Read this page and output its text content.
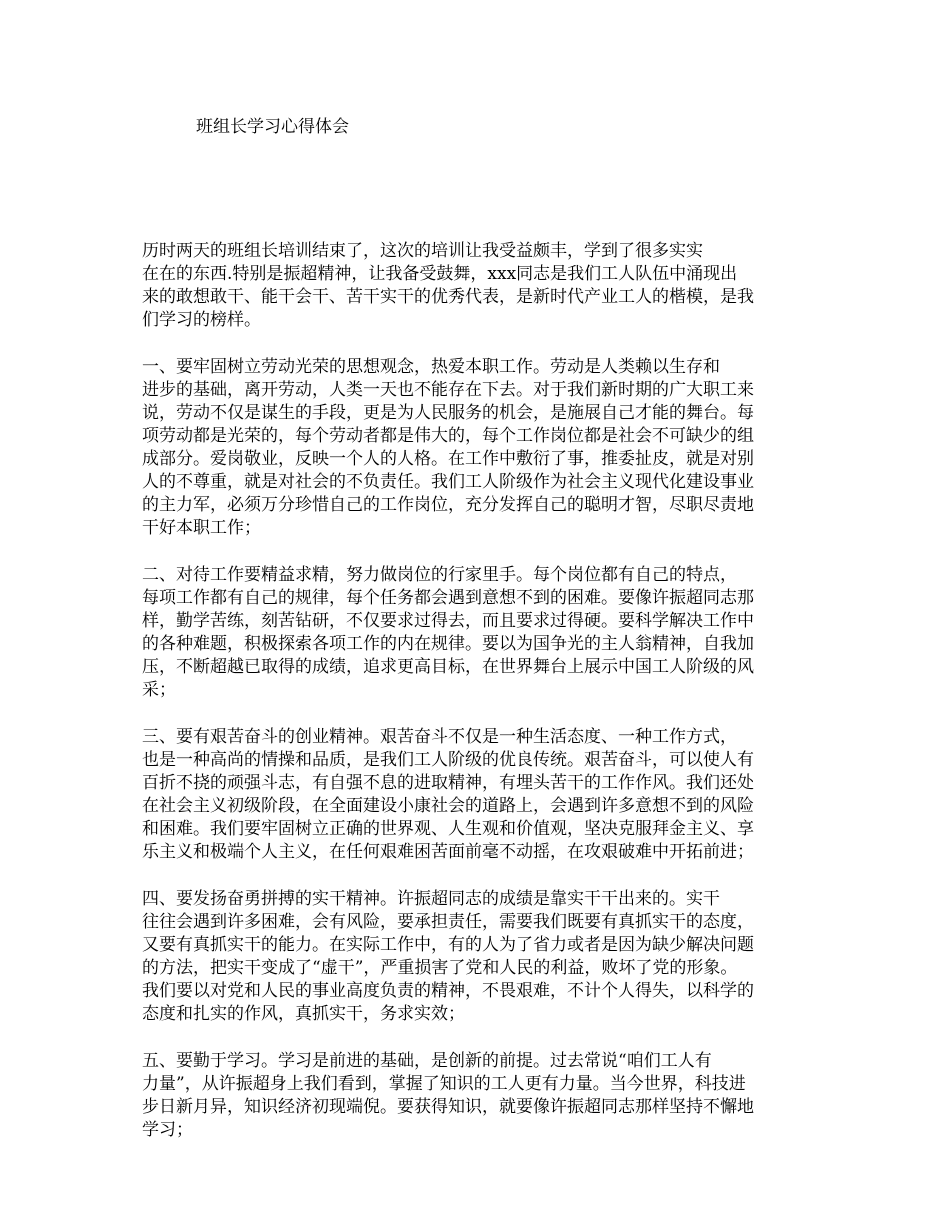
班组长学习心得体会
历时两天的班组长培训结束了，这次的培训让我受益颇丰，学到了很多实实
在在的东西.特别是振超精神，让我备受鼓舞，xxx同志是我们工人队伍中涌现出
来的敢想敢干、能干会干、苦干实干的优秀代表，是新时代产业工人的楷模，是我
们学习的榜样。
一、要牢固树立劳动光荣的思想观念，热爱本职工作。劳动是人类赖以生存和
进步的基础，离开劳动，人类一天也不能存在下去。对于我们新时期的广大职工来
说，劳动不仅是谋生的手段，更是为人民服务的机会，是施展自己才能的舞台。每
项劳动都是光荣的，每个劳动者都是伟大的，每个工作岗位都是社会不可缺少的组
成部分。爱岗敬业，反映一个人的人格。在工作中敷衍了事，推委扯皮，就是对别
人的不尊重，就是对社会的不负责任。我们工人阶级作为社会主义现代化建设事业
的主力军，必须万分珍惜自己的工作岗位，充分发挥自己的聪明才智，尽职尽责地
干好本职工作；
二、对待工作要精益求精，努力做岗位的行家里手。每个岗位都有自己的特点，
每项工作都有自己的规律，每个任务都会遇到意想不到的困难。要像许振超同志那
样，勤学苦练，刻苦钻研，不仅要求过得去，而且要求过得硬。要科学解决工作中
的各种难题，积极探索各项工作的内在规律。要以为国争光的主人翁精神，自我加
压，不断超越已取得的成绩，追求更高目标，在世界舞台上展示中国工人阶级的风
采；
三、要有艰苦奋斗的创业精神。艰苦奋斗不仅是一种生活态度、一种工作方式，
也是一种高尚的情操和品质，是我们工人阶级的优良传统。艰苦奋斗，可以使人有
百折不挠的顽强斗志，有自强不息的进取精神，有埋头苦干的工作作风。我们还处
在社会主义初级阶段，在全面建设小康社会的道路上，会遇到许多意想不到的风险
和困难。我们要牢固树立正确的世界观、人生观和价值观，坚决克服拜金主义、享
乐主义和极端个人主义，在任何艰难困苦面前毫不动摇，在攻艰破难中开拓前进；
四、要发扬奋勇拼搏的实干精神。许振超同志的成绩是靠实干干出来的。实干
往往会遇到许多困难，会有风险，要承担责任，需要我们既要有真抓实干的态度，
又要有真抓实干的能力。在实际工作中，有的人为了省力或者是因为缺少解决问题
的方法，把实干变成了“虚干”，严重损害了党和人民的利益，败坏了党的形象。
我们要以对党和人民的事业高度负责的精神，不畏艰难，不计个人得失，以科学的
态度和扎实的作风，真抓实干，务求实效；
五、要勤于学习。学习是前进的基础，是创新的前提。过去常说“咱们工人有
力量”，从许振超身上我们看到，掌握了知识的工人更有力量。当今世界，科技进
步日新月异，知识经济初现端倪。要获得知识，就要像许振超同志那样坚持不懈地
学习；
